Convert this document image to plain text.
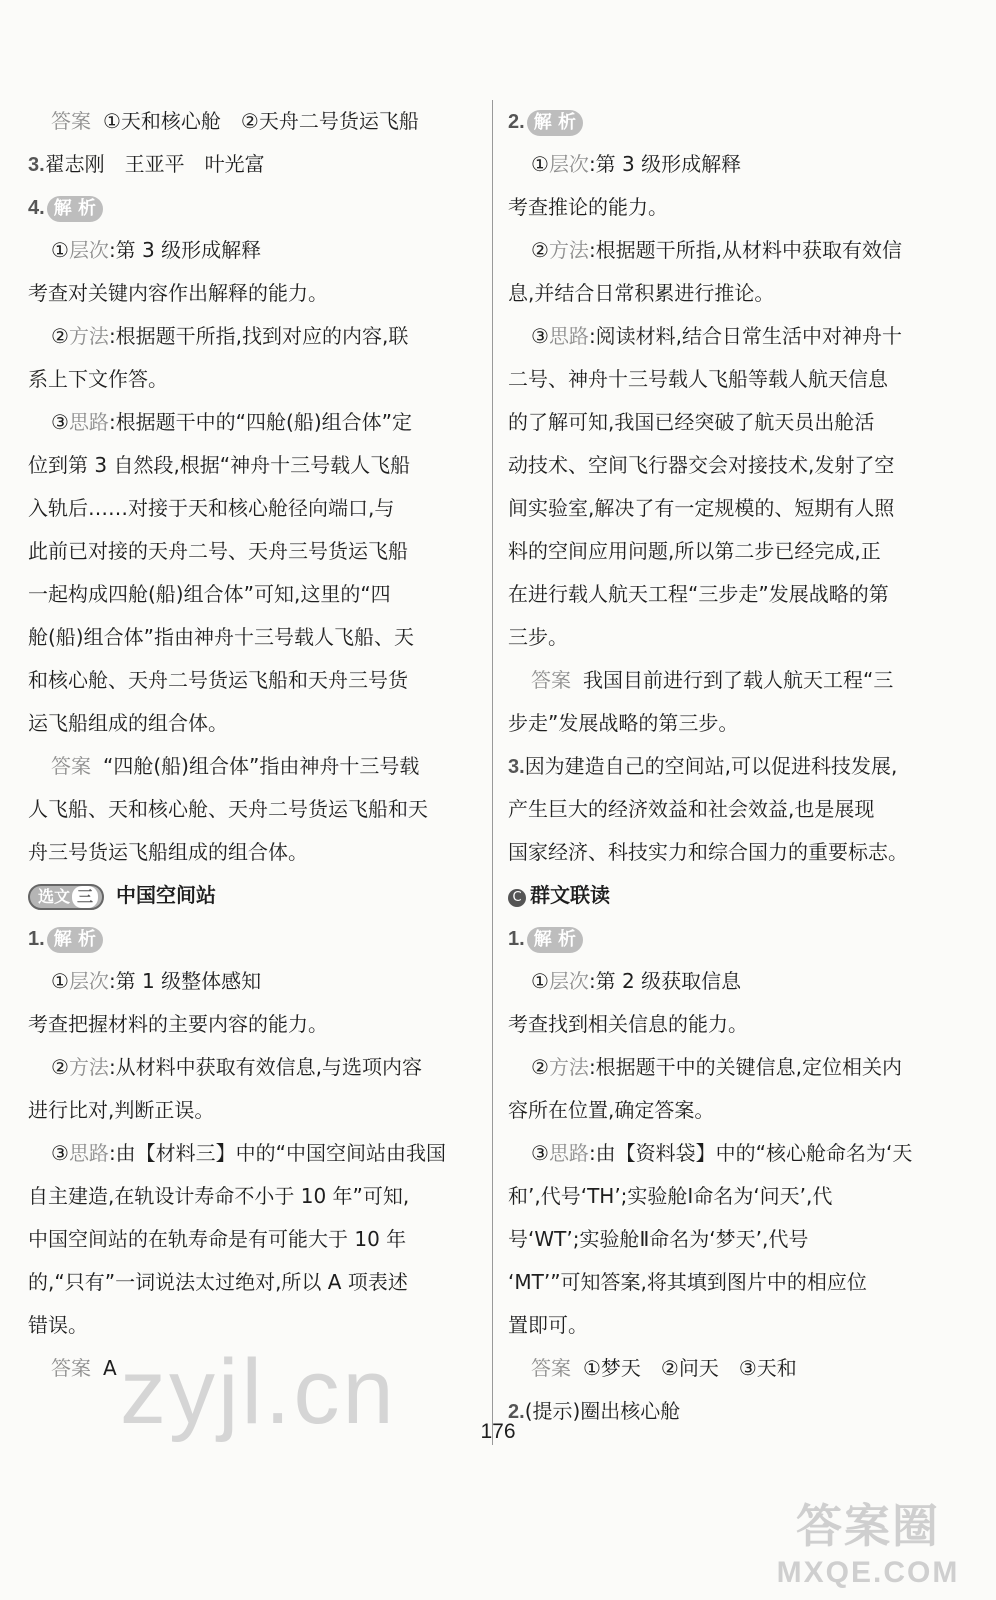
答案 ①天和核心舱　②天舟二号货运飞船
3.翟志刚　王亚平　叶光富
4. 解 析
①层次:第 3 级形成解释
考查对关键内容作出解释的能力。
②方法:根据题干所指,找到对应的内容,联
系上下文作答。
③思路:根据题干中的“四舱(船)组合体”定
位到第 3 自然段,根据“神舟十三号载人飞船
入轨后……对接于天和核心舱径向端口,与
此前已对接的天舟二号、天舟三号货运飞船
一起构成四舱(船)组合体”可知,这里的“四
舱(船)组合体”指由神舟十三号载人飞船、天
和核心舱、天舟二号货运飞船和天舟三号货
运飞船组成的组合体。
答案 “四舱(船)组合体”指由神舟十三号载
人飞船、天和核心舱、天舟二号货运飞船和天
舟三号货运飞船组成的组合体。
选文 三 中国空间站
1. 解 析
①层次:第 1 级整体感知
考查把握材料的主要内容的能力。
②方法:从材料中获取有效信息,与选项内容
进行比对,判断正误。
③思路:由【材料三】中的“中国空间站由我国
自主建造,在轨设计寿命不小于 10 年”可知,
中国空间站的在轨寿命是有可能大于 10 年
的,“只有”一词说法太过绝对,所以 A 项表述
错误。
答案 A
2. 解 析
①层次:第 3 级形成解释
考查推论的能力。
②方法:根据题干所指,从材料中获取有效信
息,并结合日常积累进行推论。
③思路:阅读材料,结合日常生活中对神舟十
二号、神舟十三号载人飞船等载人航天信息
的了解可知,我国已经突破了航天员出舱活
动技术、空间飞行器交会对接技术,发射了空
间实验室,解决了有一定规模的、短期有人照
料的空间应用问题,所以第二步已经完成,正
在进行载人航天工程“三步走”发展战略的第
三步。
答案 我国目前进行到了载人航天工程“三
步走”发展战略的第三步。
3.因为建造自己的空间站,可以促进科技发展,
产生巨大的经济效益和社会效益,也是展现
国家经济、科技实力和综合国力的重要标志。
C 群文联读
1. 解 析
①层次:第 2 级获取信息
考查找到相关信息的能力。
②方法:根据题干中的关键信息,定位相关内
容所在位置,确定答案。
③思路:由【资料袋】中的“核心舱命名为‘天
和’,代号‘TH’;实验舱Ⅰ命名为‘问天’,代
号‘WT’;实验舱Ⅱ命名为‘梦天’,代号
‘MT’”可知答案,将其填到图片中的相应位
置即可。
答案 ①梦天　②问天　③天和
2.(提示)圈出核心舱
zyjl.cn	176
答案圈
MXQE.COM
